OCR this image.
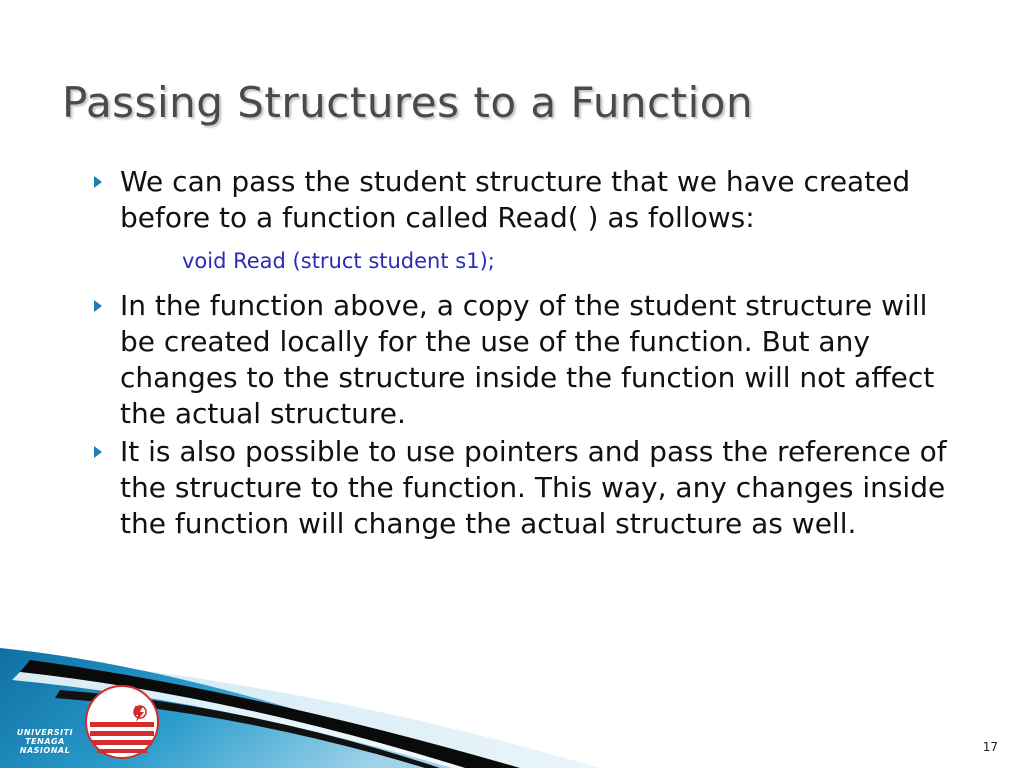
Passing Structures to a Function
We can pass the student structure that we have created before to a function called Read( ) as follows:
void Read (struct student s1);
In the function above, a copy of the student structure will be created locally for the use of the function. But any changes to the structure inside the function will not affect the actual structure.
It is also possible to use pointers and pass the reference of the structure to the function. This way, any changes inside the function will change the actual structure as well.
UNIVERSITI
TENAGA
NASIONAL	17
